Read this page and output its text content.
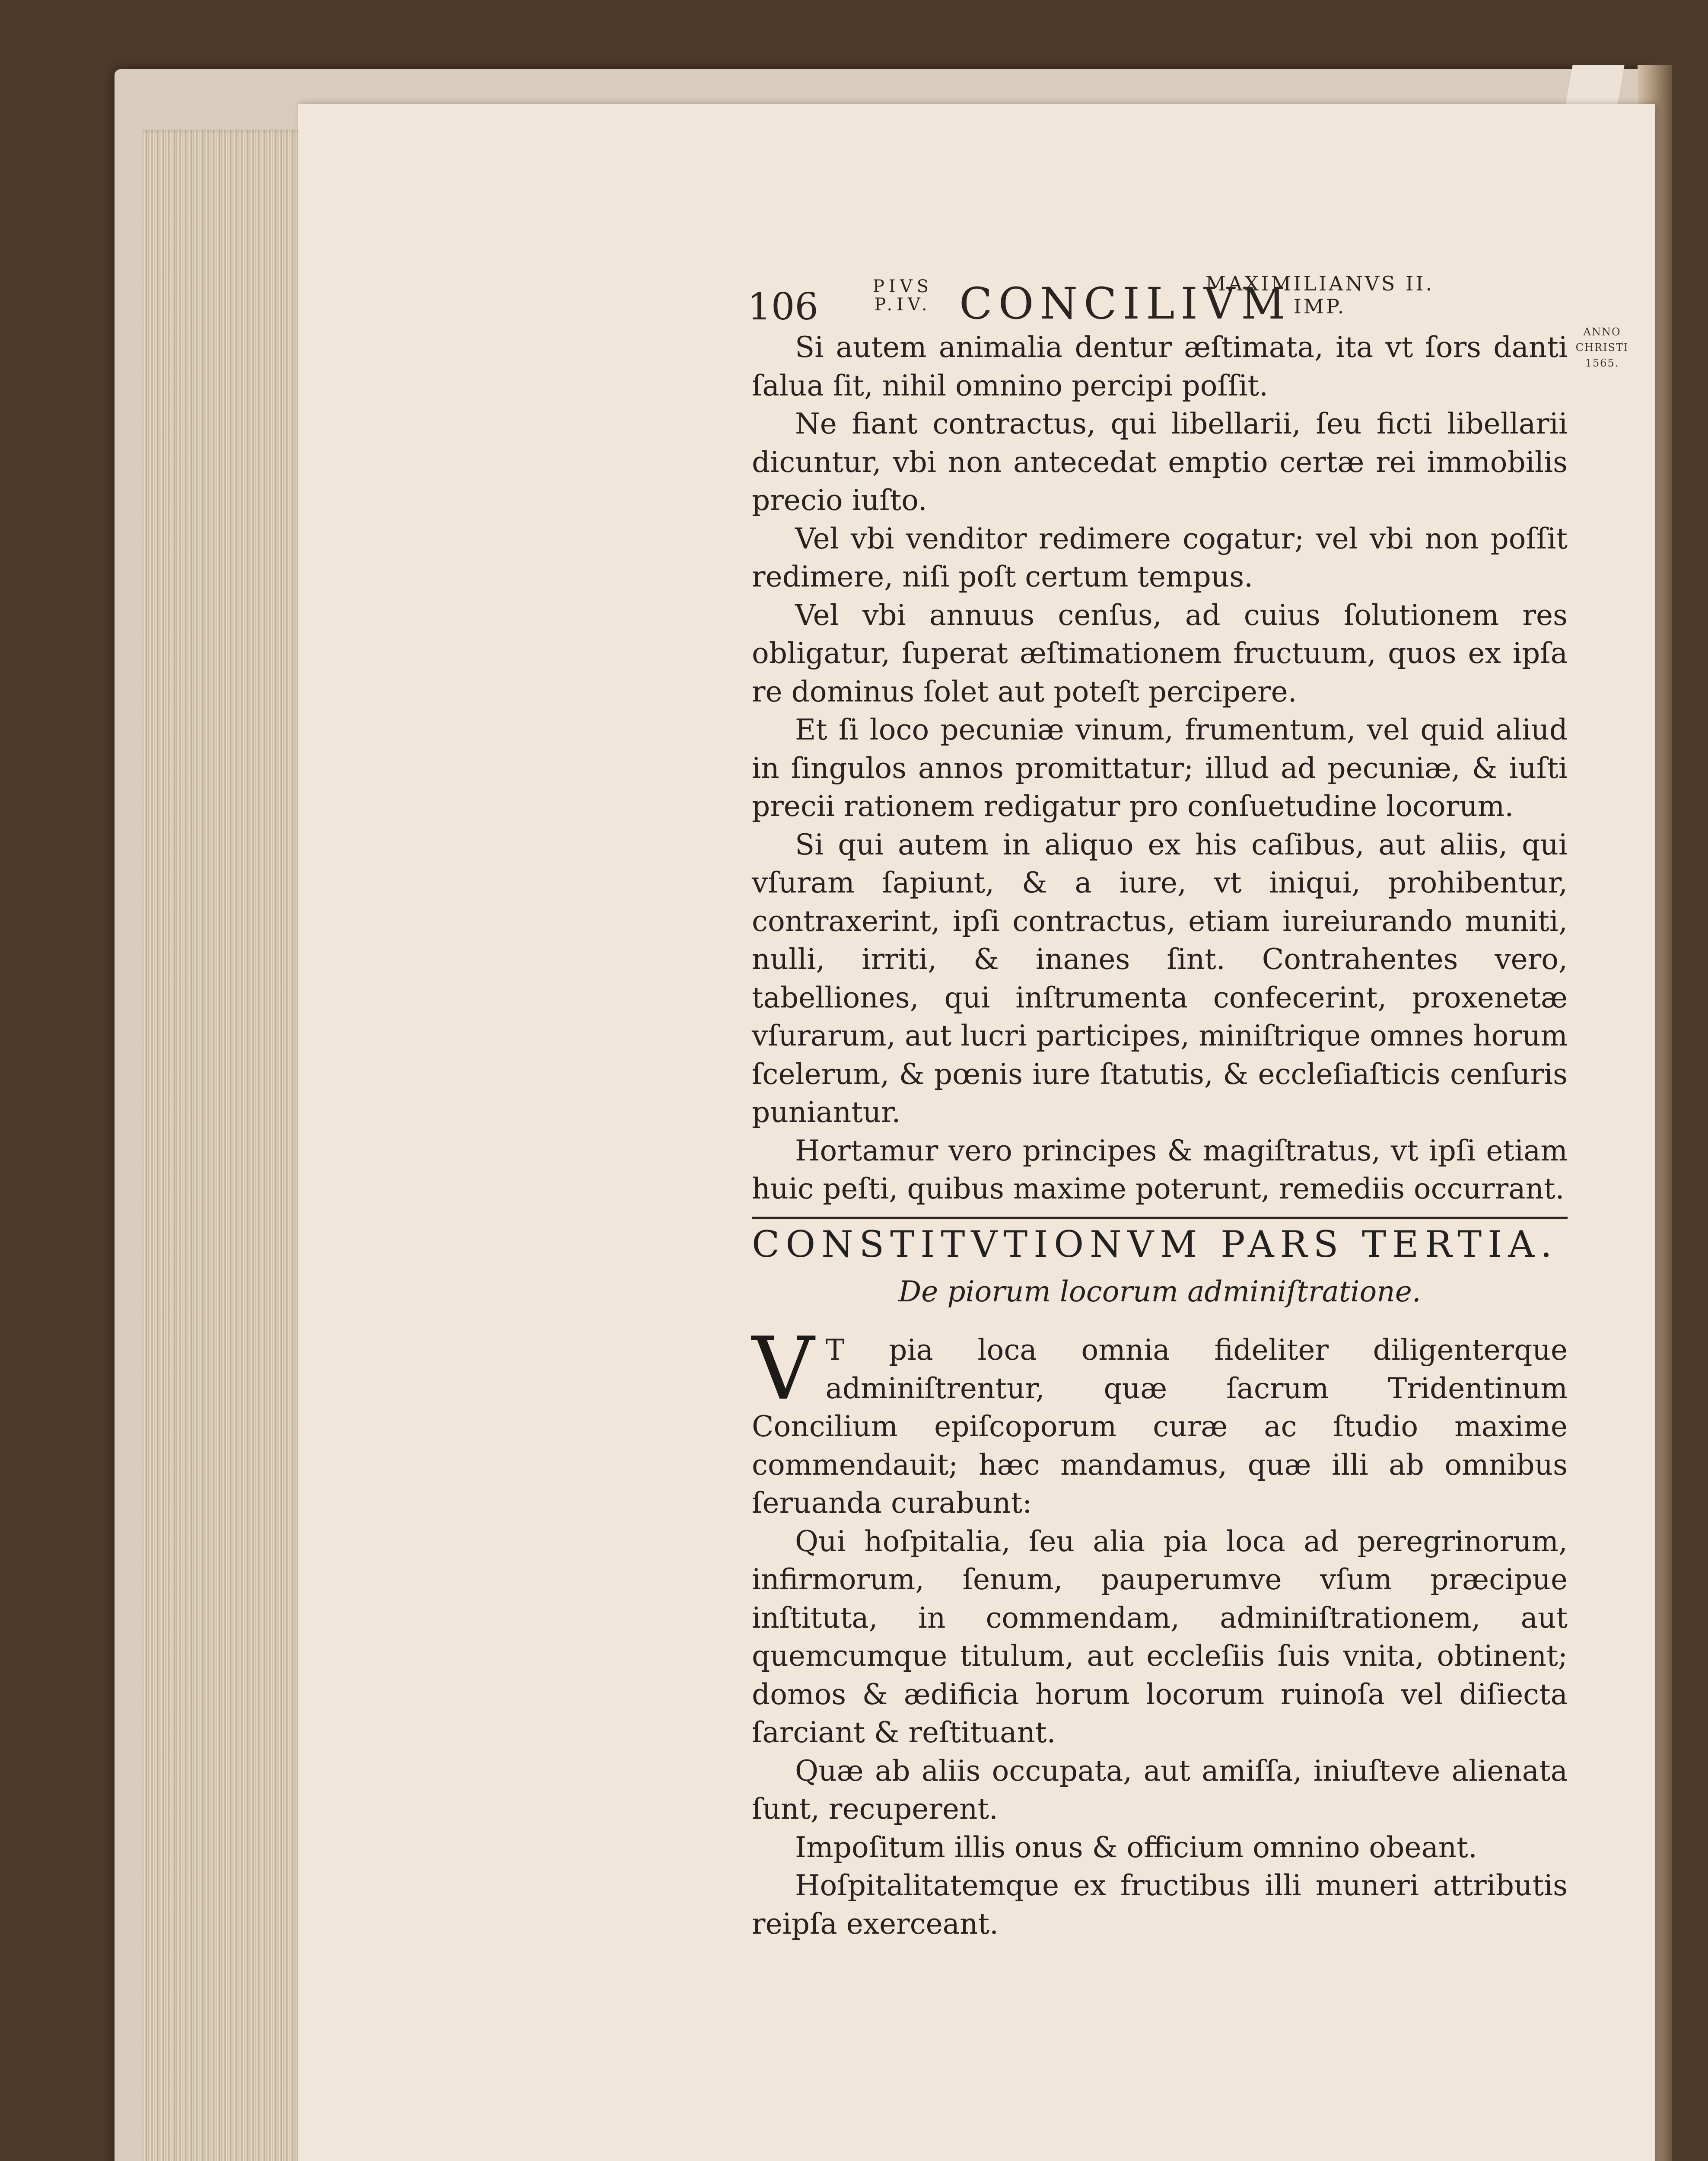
106	PIVS
P.IV. CONCILIVM
MAXIMILIANVS II.
IMP.
ANNO
CHRISTI
1565.

Si autem animalia dentur æſtimata, ita vt ſors danti ſalua ſit, nihil omnino percipi poſſit.

Ne fiant contractus, qui libellarii, ſeu ficti libellarii dicuntur, vbi non antecedat emptio certæ rei immobilis precio iuſto.

Vel vbi venditor redimere cogatur; vel vbi non poſſit redimere, niſi poſt certum tempus.

Vel vbi annuus cenſus, ad cuius ſolutionem res obligatur, ſuperat æſtimationem fructuum, quos ex ipſa re dominus ſolet aut poteſt percipere.

Et ſi loco pecuniæ vinum, frumentum, vel quid aliud in ſingulos annos promittatur; illud ad pecuniæ, & iuſti precii rationem redigatur pro conſuetudine locorum.

Si qui autem in aliquo ex his caſibus, aut aliis, qui vſuram ſapiunt, & a iure, vt iniqui, prohibentur, contraxerint, ipſi contractus, etiam iureiurando muniti, nulli, irriti, & inanes ſint. Contrahentes vero, tabelliones, qui inſtrumenta confecerint, proxenetæ vſurarum, aut lucri participes, miniſtrique omnes horum ſcelerum, & pœnis iure ſtatutis, & eccleſiaſticis cenſuris puniantur.

Hortamur vero principes & magiſtratus, vt ipſi etiam huic peſti, quibus maxime poterunt, remediis occurrant.

CONSTITVTIONVM PARS TERTIA.
De piorum locorum adminiſtratione.

V T pia loca omnia fideliter diligenterque adminiſtrentur, quæ ſacrum Tridentinum Concilium epiſcoporum curæ ac ſtudio maxime commendauit; hæc mandamus, quæ illi ab omnibus ſeruanda curabunt:

Qui hoſpitalia, ſeu alia pia loca ad peregrinorum, infirmorum, ſenum, pauperumve vſum præcipue inſtituta, in commendam, adminiſtrationem, aut quemcumque titulum, aut eccleſiis ſuis vnita, obtinent; domos & ædificia horum locorum ruinoſa vel diſiecta ſarciant & reſtituant.

Quæ ab aliis occupata, aut amiſſa, iniuſteve alienata ſunt, recuperent.

Impoſitum illis onus & officium omnino obeant.

Hoſpitalitatemque ex fructibus illi muneri attributis reipſa exerceant.
